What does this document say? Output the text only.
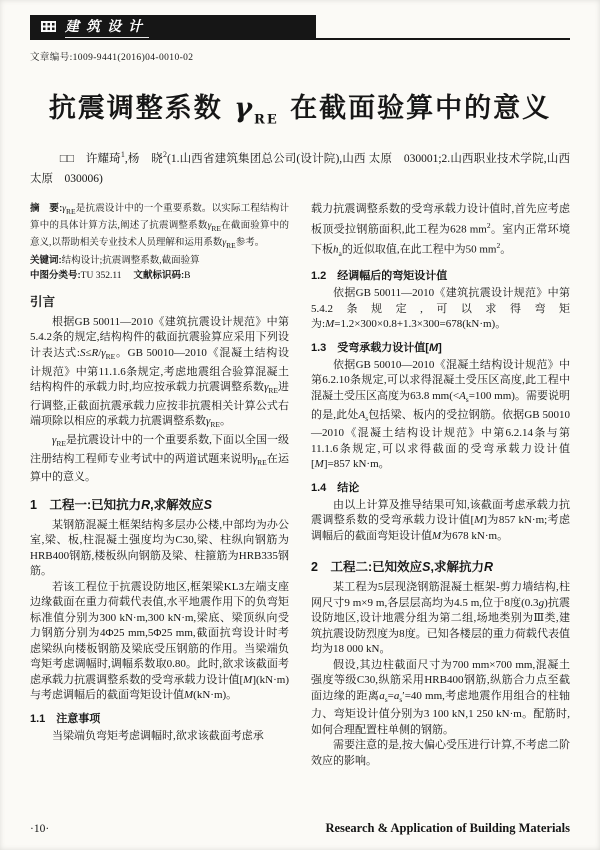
建筑设计
文章编号:1009-9441(2016)04-0010-02
抗震调整系数 $\gamma_{RE}$ 在截面验算中的意义
□□　许耀琦$^1$,杨　晓$^2$(1.山西省建筑集团总公司(设计院),山西 太原　030001;2.山西职业技术学院,山西 太原　030006)

摘　要$:\gamma_{RE}$是抗震设计中的一个重要系数。以实际工程结构计算中的具体计算方法,阐述了抗震调整系数$\gamma_{RE}$在截面验算中的意义,以帮助相关专业技术人员理解和运用系数$\gamma_{RE}$参考。

关键词:结构设计;抗震调整系数,截面验算

中图分类号:TU 352.11 文献标识码:B

引言

根据GB 50011—2010《建筑抗震设计规范》中第5.4.2条的规定,结构构件的截面抗震验算应采用下列设计表达式$:S\le R/\gamma_{RE}$。GB 50010—2010《混凝土结构设计规范》中第11.1.6条规定,考虑地震组合验算混凝土结构构件的承载力时,均应按承载力抗震调整系数$\gamma_{RE}$进行调整,正截面抗震承载力应按非抗震相关计算公式右端项除以相应的承载力抗震调整系数$\gamma_{RE}$。

$\gamma_{RE}$是抗震设计中的一个重要系数,下面以全国一级注册结构工程师专业考试中的两道试题来说明$\gamma_{RE}$在运算中的意义。

1　工程一:已知抗力R,求解效应S

某钢筋混凝土框架结构多层办公楼,中部均为办公室,梁、板,柱混凝土强度均为C30,梁、柱纵向钢筋为HRB400钢筋,楼板纵向钢筋及梁、柱箍筋为HRB335钢筋。

若该工程位于抗震设防地区,框架梁KL3左端支座边缘截面在重力荷载代表值,水平地震作用下的负弯矩标准值分别为300 kN·m,300 kN·m,梁底、梁顶纵向受力钢筋分别为4Φ25 mm,5Φ25 mm,截面抗弯设计时考虑梁纵向楼板钢筋及梁底受压钢筋的作用。当梁端负弯矩考虑调幅时,调幅系数取0.80。此时,欲求该截面考虑承载力抗震调整系数的受弯承载力设计值[M](kN·m)与考虑调幅后的截面弯矩设计值M(kN·m)。

1.1　注意事项

当梁端负弯矩考虑调幅时,欲求该截面考虑承

载力抗震调整系数的受弯承载力设计值时,首先应考虑板顶受拉钢筋面积,此工程为628 $mm^2$。室内正常环境下板$h_a$的近似取值,在此工程中为50 $mm^2$。

1.2　经调幅后的弯矩设计值

依据GB 50011—2010《建筑抗震设计规范》中第5.4.2条规定,可以求得弯矩为:M=1.2×300×0.8+1.3×300=678(kN·m)。

1.3　受弯承载力设计值[M]

依据GB 50010—2010《混凝土结构设计规范》中第6.2.10条规定,可以求得混凝土受压区高度,此工程中混凝土受压区高度为63.8 $mm(<A_s=100$ mm)。需要说明的是,此处$A_s$包括梁、板内的受拉钢筋。依据GB 50010—2010《混凝土结构设计规范》中第6.2.14条与第11.1.6条规定,可以求得截面的受弯承载力设计值[M]=857 kN·m。

1.4　结论

由以上计算及推导结果可知,该截面考虑承载力抗震调整系数的受弯承载力设计值[M]为857 kN·m;考虑调幅后的截面弯矩设计值M为678 kN·m。

2　工程二:已知效应S,求解抗力R

某工程为5层现浇钢筋混凝土框架-剪力墙结构,柱网尺寸9 m×9 m,各层层高均为4.5 m,位于8度(0.3g)抗震设防地区,设计地震分组为第二组,场地类别为Ⅲ类,建筑抗震设防烈度为8度。已知各楼层的重力荷载代表值均为18 000 kN。

假设,其边柱截面尺寸为700 mm×700 mm,混凝土强度等级C30,纵筋采用HRB400钢筋,纵筋合力点至截面边缘的距离$a_s=a_s'=40$ mm,考虑地震作用组合的柱轴力、弯矩设计值分别为3 100 kN,1 250 kN·m。配筋时,如何合理配置柱单侧的钢筋。

需要注意的是,按大偏心受压进行计算,不考虑二阶效应的影响。

·10·	Research & Application of Building Materials
